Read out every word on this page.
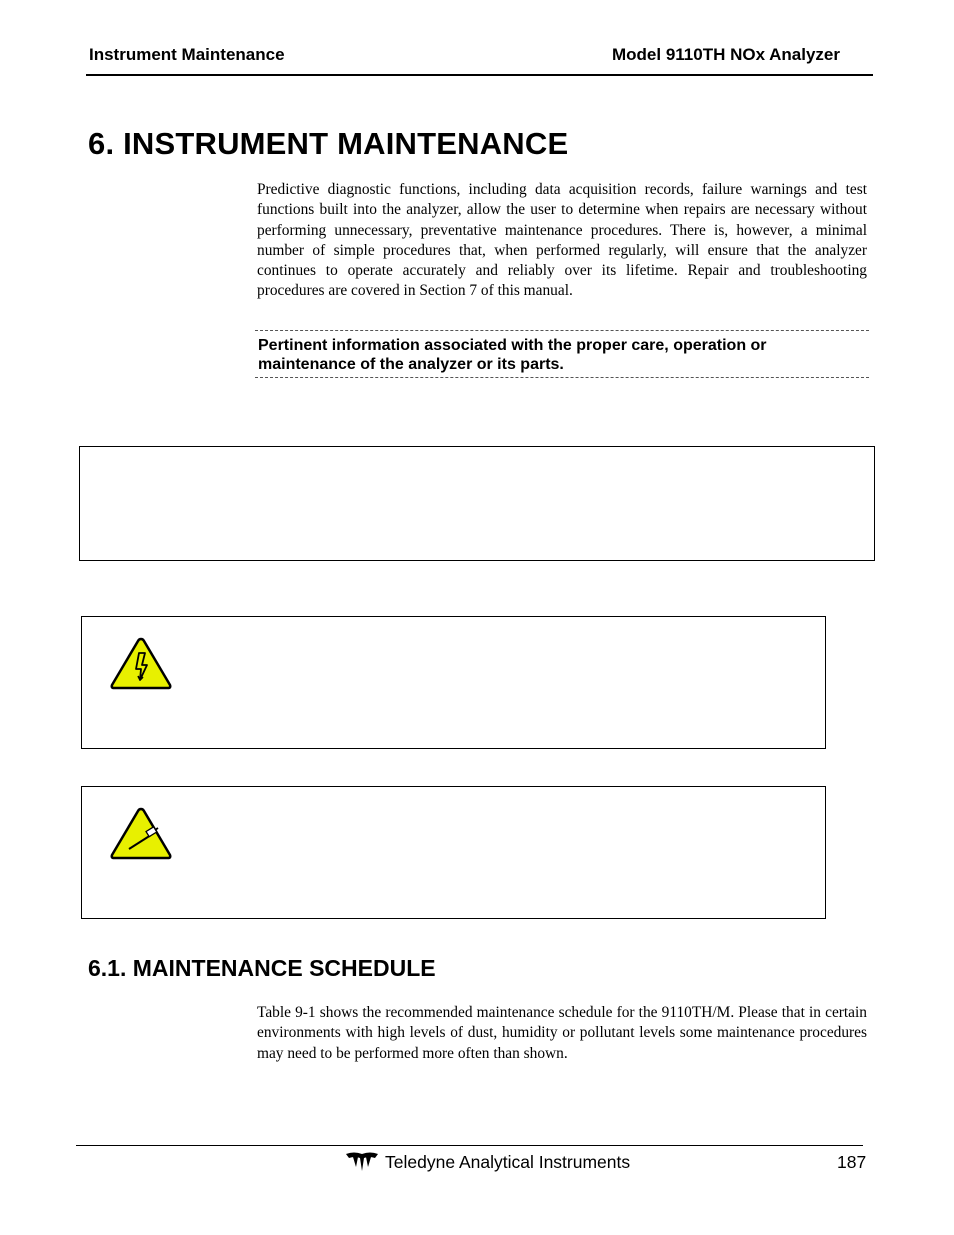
Instrument Maintenance	Model 9110TH NOx Analyzer
6. INSTRUMENT MAINTENANCE
Predictive diagnostic functions, including data acquisition records, failure warnings and test functions built into the analyzer, allow the user to determine when repairs are necessary without performing unnecessary, preventative maintenance procedures. There is, however, a minimal number of simple procedures that, when performed regularly, will ensure that the analyzer continues to operate accurately and reliably over its lifetime. Repair and troubleshooting procedures are covered in Section 7 of this manual.
Pertinent information associated with the proper care, operation or maintenance of the analyzer or its parts.
6.1. MAINTENANCE SCHEDULE
Table 9-1 shows the recommended maintenance schedule for the 9110TH/M. Please that in certain environments with high levels of dust, humidity or pollutant levels some maintenance procedures may need to be performed more often than shown.
Teledyne Analytical Instruments	187
